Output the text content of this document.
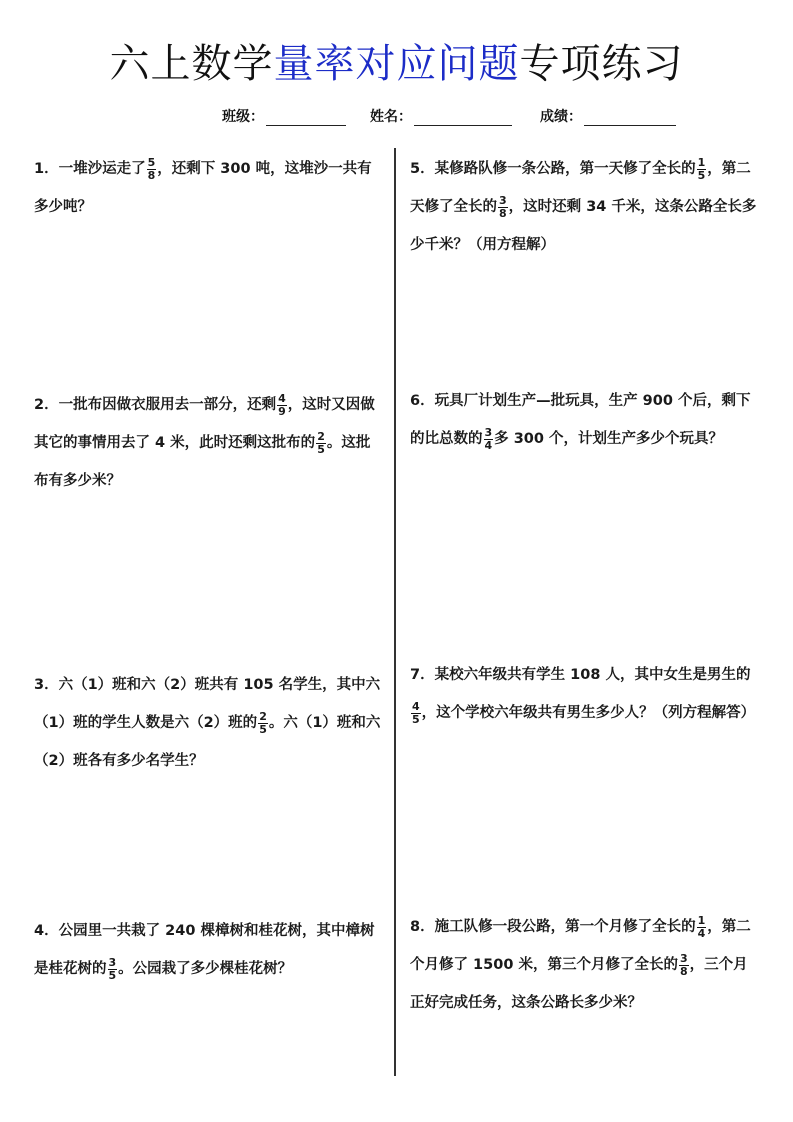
六上数学量率对应问题专项练习
班级：	姓名：	成绩：
1．一堆沙运走了 $\frac{5}{8}$ ，还剩下 300 吨，这堆沙一共有多少吨？
2．一批布因做衣服用去一部分，还剩 $\frac{4}{9}$ ，这时又因做其它的事情用去了 4 米，此时还剩这批布的 $\frac{2}{5}$ 。这批布有多少米？
3．六（1）班和六（2）班共有 105 名学生，其中六（1）班的学生人数是六（2）班的 $\frac{2}{5}$ 。六（1）班和六（2）班各有多少名学生？
4．公园里一共栽了 240 棵樟树和桂花树，其中樟树是桂花树的 $\frac{3}{5}$ 。公园栽了多少棵桂花树？
5．某修路队修一条公路，第一天修了全长的 $\frac{1}{5}$ ，第二天修了全长的 $\frac{3}{8}$ ，这时还剩 34 千米，这条公路全长多少千米？（用方程解）
6．玩具厂计划生产—批玩具，生产 900 个后，剩下的比总数的 $\frac{3}{4}$ 多 300 个，计划生产多少个玩具？
7．某校六年级共有学生 108 人，其中女生是男生的
$\frac{4}{5}$ ，这个学校六年级共有男生多少人？（列方程解答）
8．施工队修一段公路，第一个月修了全长的 $\frac{1}{4}$ ，第二个月修了 1500 米，第三个月修了全长的 $\frac{3}{8}$ ，三个月正好完成任务，这条公路长多少米？
